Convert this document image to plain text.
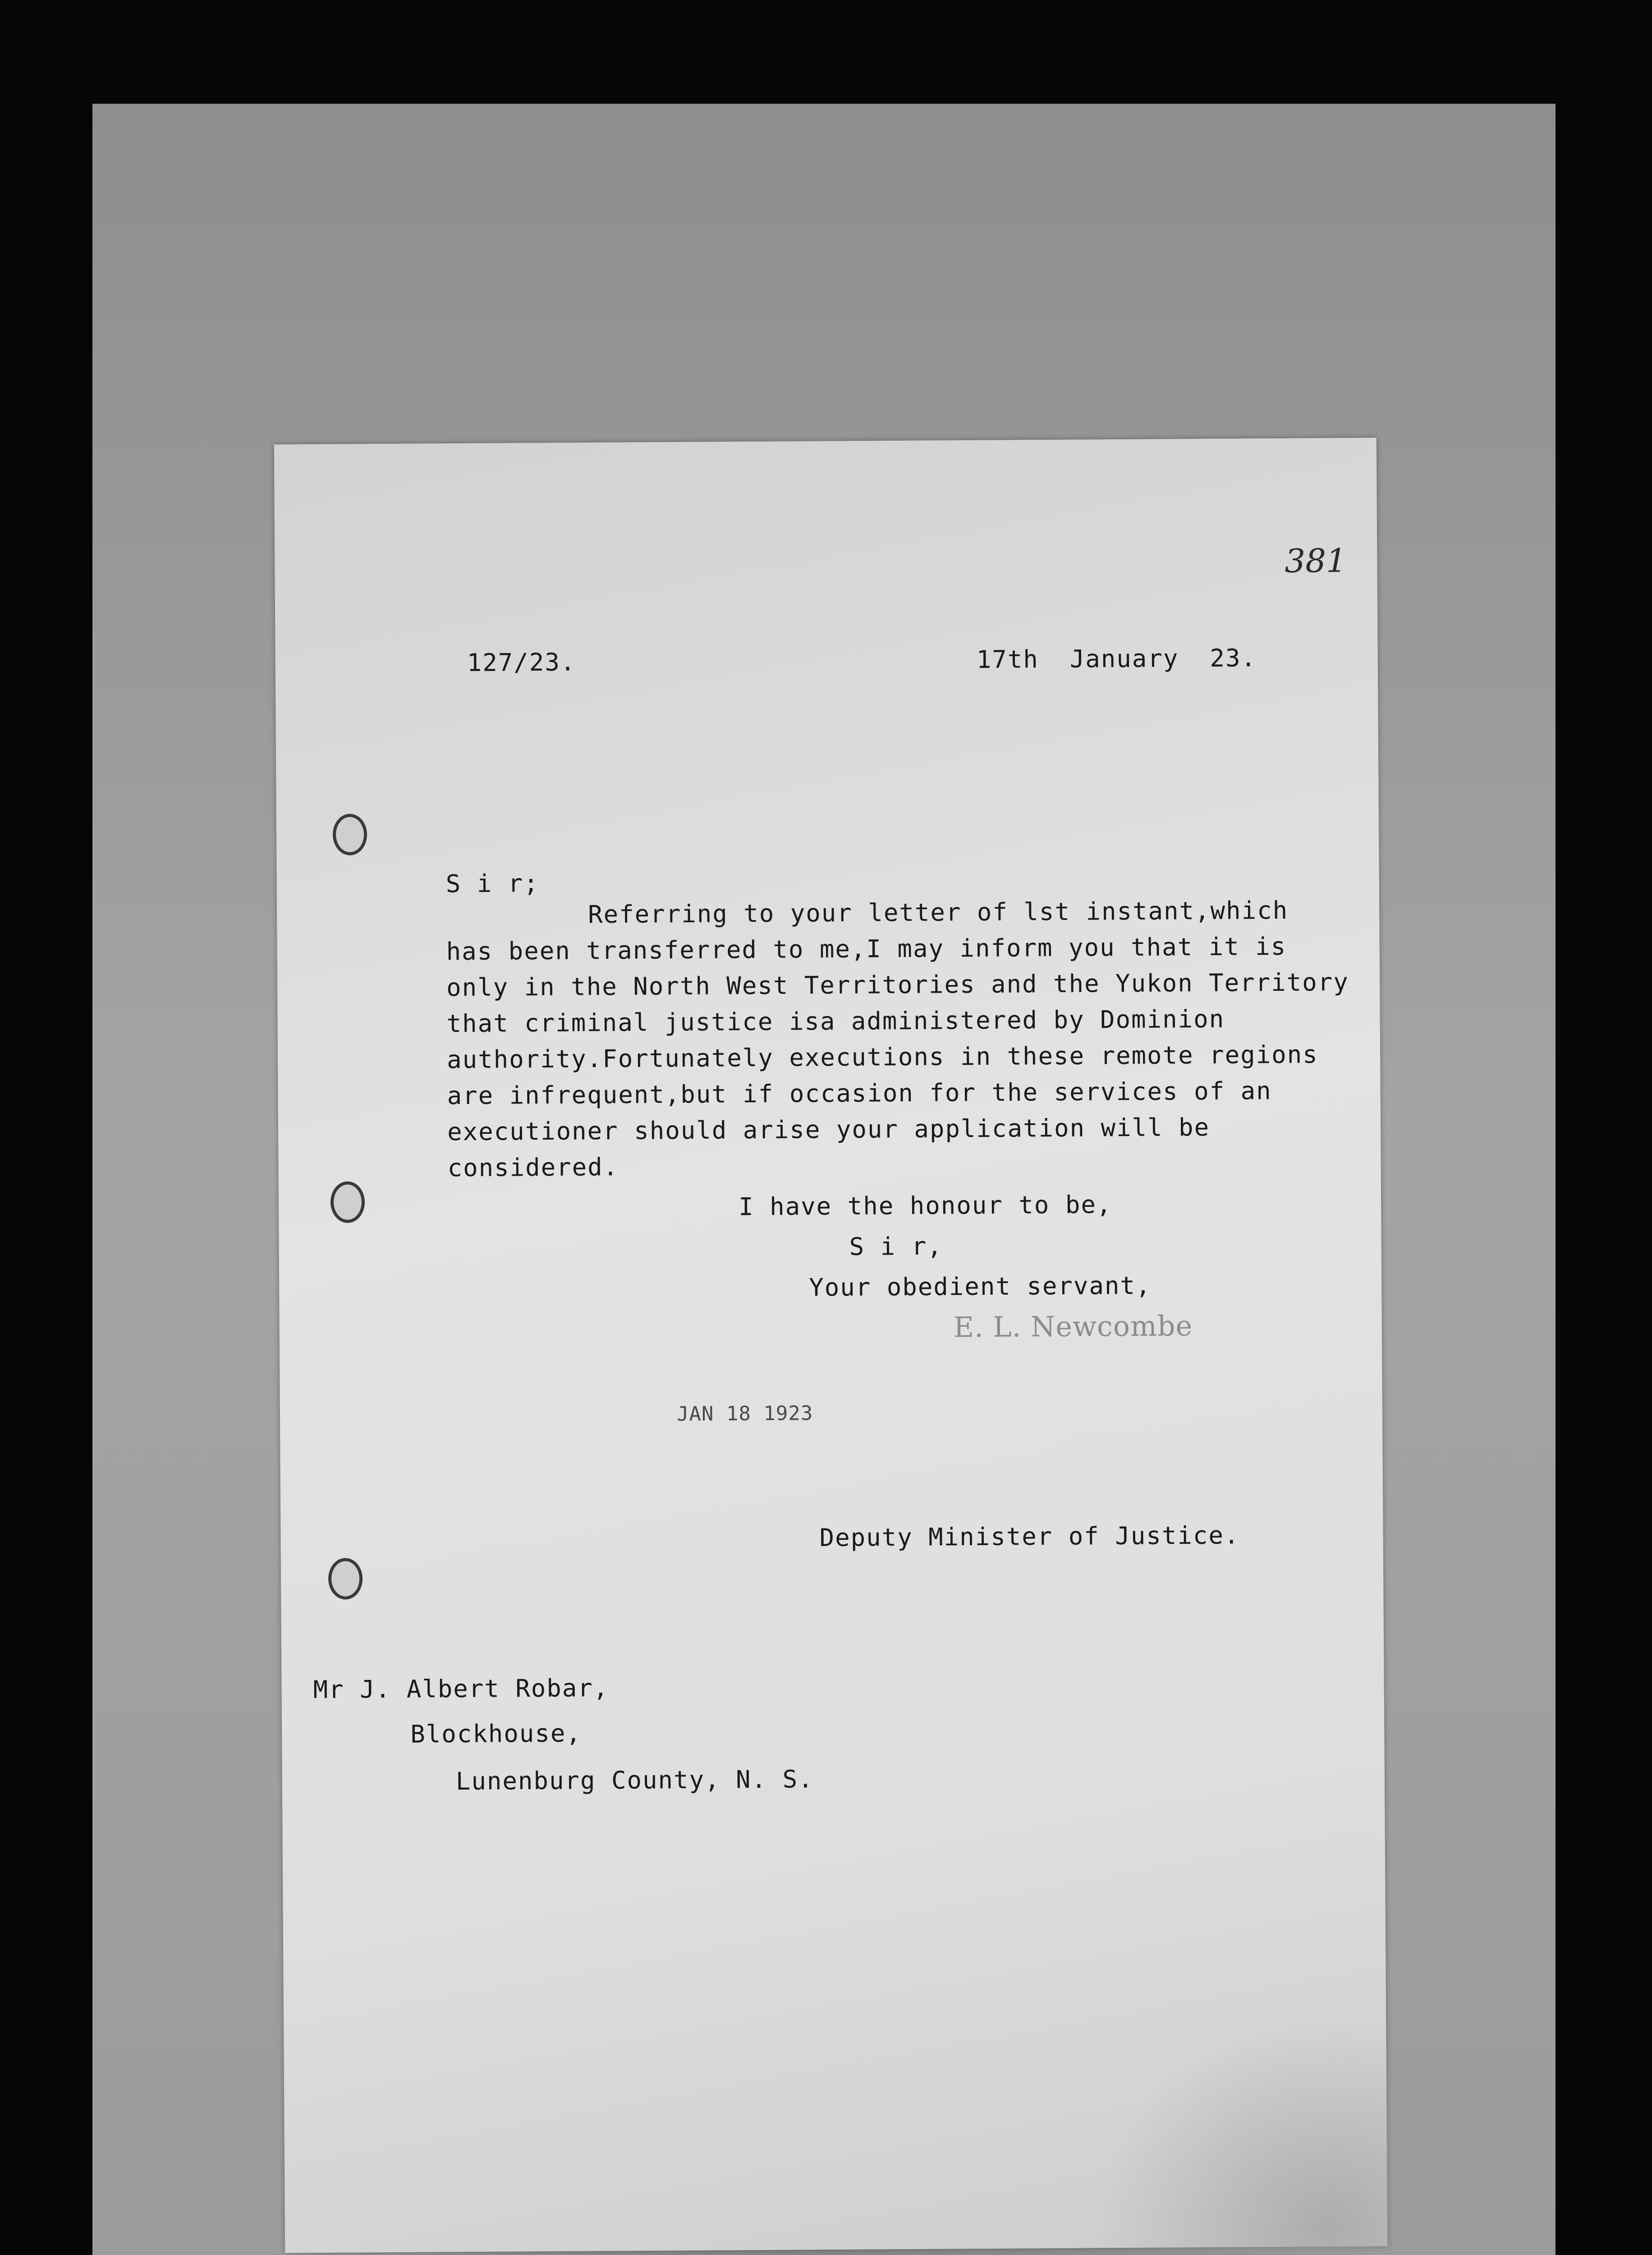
381
127/23.	17th  January  23.
S i r;
Referring to your letter of lst instant,which
has been transferred to me,I may inform you that it is
only in the North West Territories and the Yukon Territory
that criminal justice isa administered by Dominion
authority.Fortunately executions in these remote regions
are infrequent,but if occasion for the services of an
executioner should arise your application will be
considered.
I have the honour to be,
S i r,
Your obedient servant,
E. L. Newcombe
JAN 18 1923
Deputy Minister of Justice.
Mr J. Albert Robar,
Blockhouse,
Lunenburg County, N. S.
